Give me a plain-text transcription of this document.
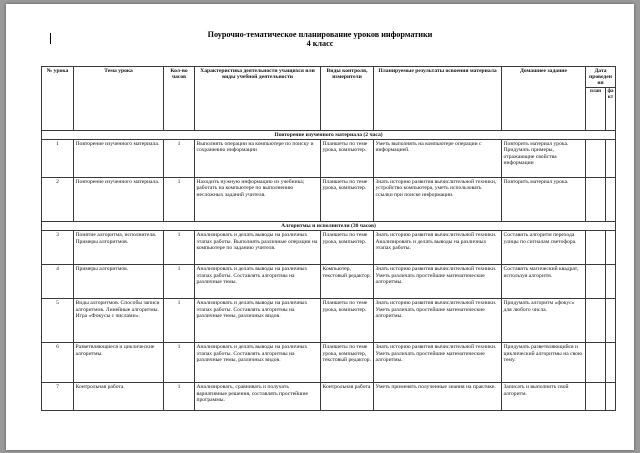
Поурочно-тематическое планирование уроков информатики
4 класс
№ урока	Тема урока	Кол-во часов	Характеристика деятельности учащихся или виды учебной деятельности	Виды контроля, измерители	Планируемые результаты освоения материала	Домашнее задание	Дата проведения	
							план	факт
Повторение изученного материала (2 часа)								
1	Повторение изученного материала.	1	Выполнять операции на компьютере по поиску и сохранению информации	Планшеты по теме урока, компьютер.	Уметь выполнять на компьютере операции с информацией.	Повторить материал урока. Придумать примеры, отражающие свойства информации		
2	Повторение изученного материала.	1	Находить нужную информацию из учебника; работать на компьютере по выполнению несложных заданий учителя.	Планшеты по теме урока, компьютер.	Знать историю развития вычислительной техники, устройство компьютера, уметь использовать ссылки при поиске информации.	Повторить материал урока.		
Алгоритмы и исполнители (30 часов)								
3	Понятие алгоритма, исполнителя. Примеры алгоритмов.	1	Анализировать и делать выводы на различных этапах работы. Выполнять различные операции на компьютере по заданию учителя.	Планшеты по теме урока, компьютер.	Знать историю развития вычислительной техники. Анализировать и делать выводы на различных этапах работы.	Составить алгоритм перехода улицы по сигналам светофора.		
4	Примеры алгоритмов.	1	Анализировать и делать выводы на различных этапах работы. Составлять алгоритмы на различные темы.	Компьютер, текстовый редактор.	Знать историю развития вычислительной техники. Уметь различать простейшие математические алгоритмы.	Составить магический квадрат, используя алгоритм.		
5	Виды алгоритмов. Способы записи алгоритмов. Линейные алгоритмы. Игра «Фокусы с числами».	1	Анализировать и делать выводы на различных этапах работы. Составлять алгоритмы на различные темы, различных видов.	Планшеты по теме урока, компьютер.	Знать историю развития вычислительной техники. Уметь различать простейшие математические алгоритмы.	Придумать алгоритм «фокус» для любого числа.		
6	Разветвляющиеся и циклические алгоритмы.	1	Анализировать и делать выводы на различных этапах работы. Составлять алгоритмы на различные темы, различных видов.	Планшеты по теме урока, компьютер, текстовый редактор.	Знать историю развития вычислительной техники. Уметь различать простейшие математические алгоритмы.	Придумать разветвляющийся и циклический алгоритмы на свою тему.		
7	Контрольная работа.	1	Анализировать, сравнивать и получать вариативные решения, составлять простейшие программы.	Контрольная работа	Уметь применять полученные знания на практике.	Записать и выполнить свой алгоритм.		
